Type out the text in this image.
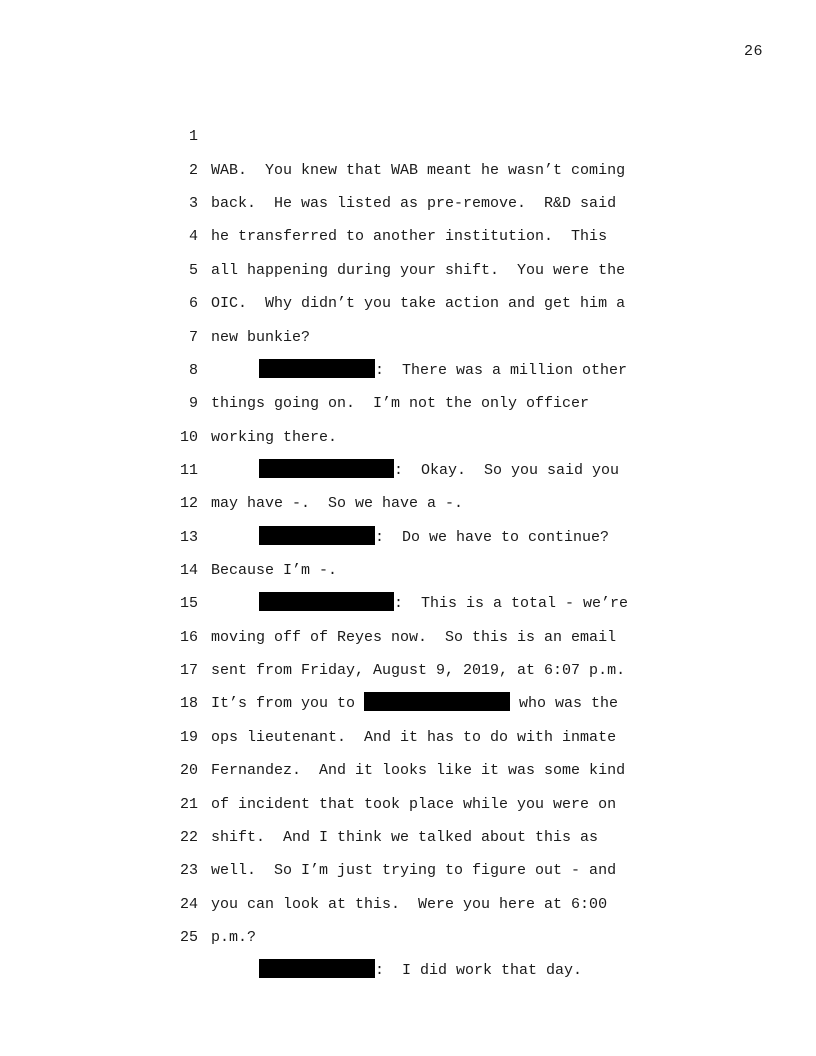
26

1

WAB.  You knew that WAB meant he wasn’t coming

2

back.  He was listed as pre-remove.  R&D said

3

he transferred to another institution.  This

4

all happening during your shift.  You were the

5

OIC.  Why didn’t you take action and get him a

6

new bunkie?

7

:  There was a million other

8

things going on.  I’m not the only officer

9

working there.

10

:  Okay.  So you said you

11

may have -.  So we have a -.

12

:  Do we have to continue?

13

Because I’m -.

14

:  This is a total - we’re

15

moving off of Reyes now.  So this is an email

16

sent from Friday, August 9, 2019, at 6:07 p.m.

17

It’s from you to	who was the

18

ops lieutenant.  And it has to do with inmate

19

Fernandez.  And it looks like it was some kind

20

of incident that took place while you were on

21

shift.  And I think we talked about this as

22

well.  So I’m just trying to figure out - and

23

you can look at this.  Were you here at 6:00

24

p.m.?

25

:  I did work that day.
